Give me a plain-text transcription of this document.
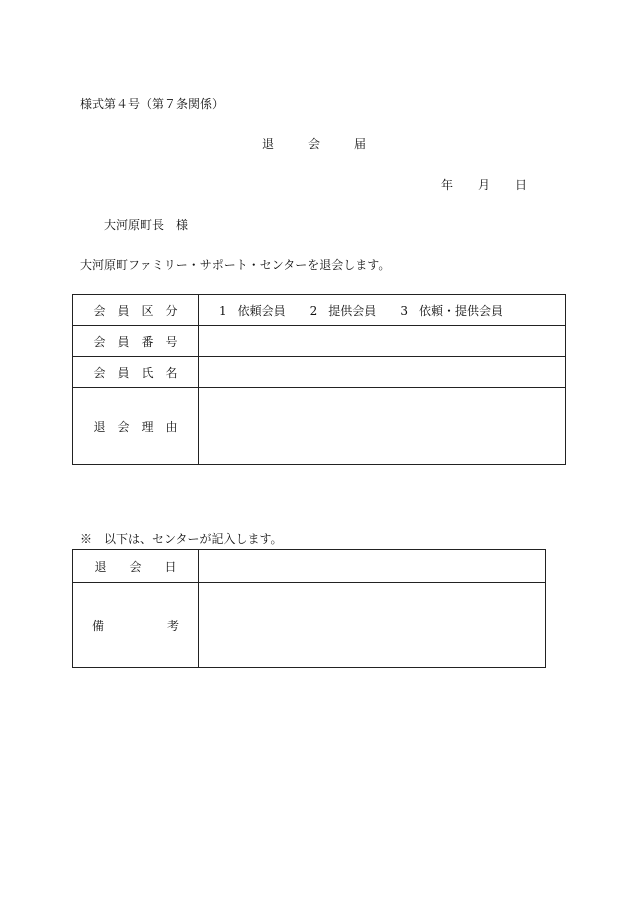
様式第４号（第７条関係）
退	会	届
年 月 日
大河原町長　様
大河原町ファミリー・サポート・センターを退会します。
会 員 区 分	1 依頼会員 2 提供会員 3 依頼・提供会員
会 員 番 号	
会 員 氏 名	
退 会 理 由	
※　以下は、センターが記入します。
退 会 日	
備 考	
